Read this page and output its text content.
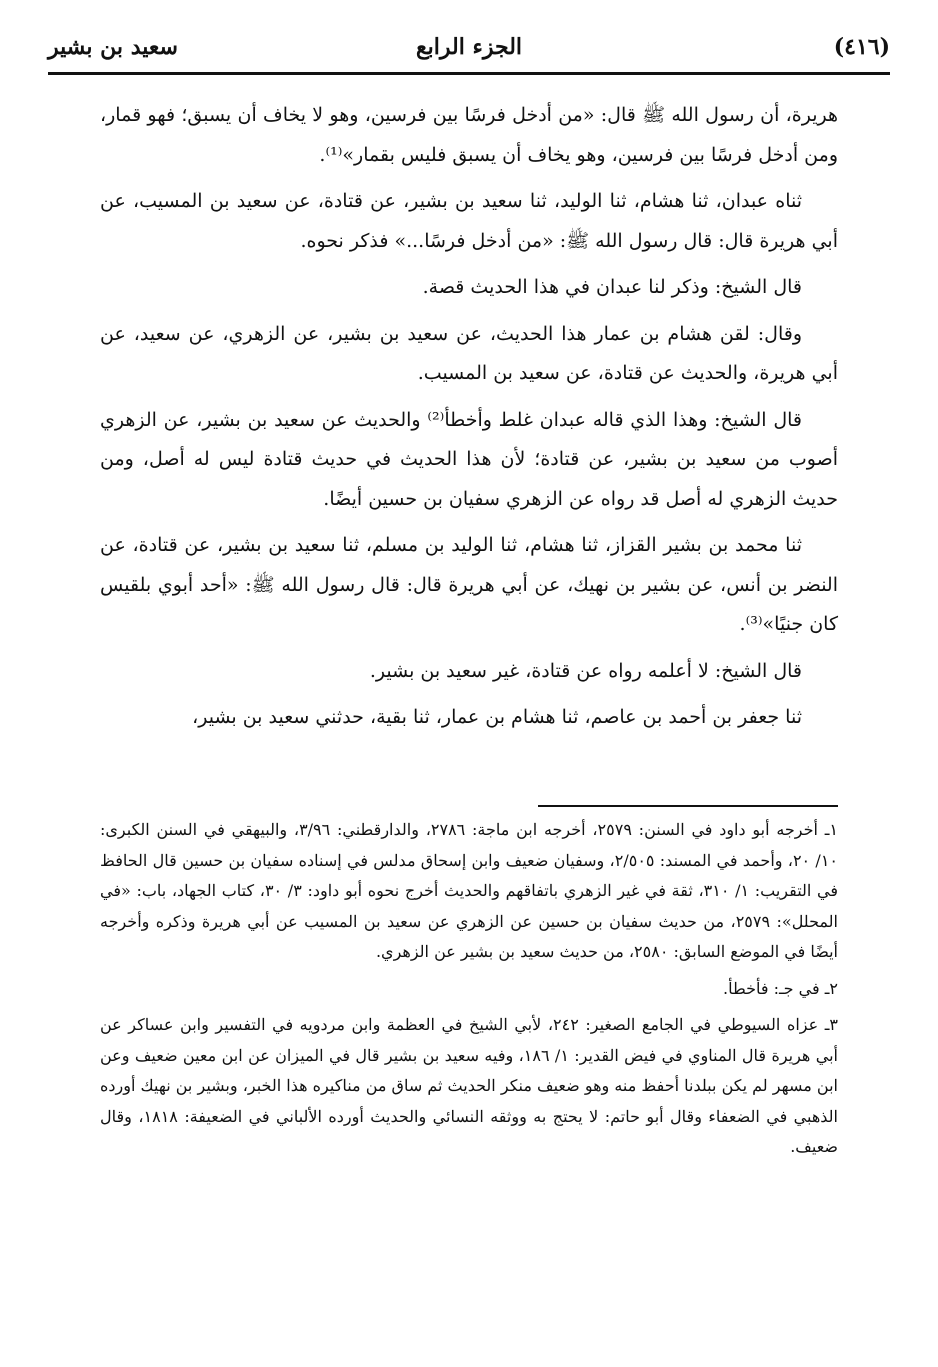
(٤١٦)
الجزء الرابع
سعيد بن بشير

هريرة، أن رسول الله ﷺ قال: «من أدخل فرسًا بين فرسين، وهو لا يخاف أن يسبق؛ فهو قمار، ومن أدخل فرسًا بين فرسين، وهو يخاف أن يسبق فليس بقمار»⁽¹⁾.

ثناه عبدان، ثنا هشام، ثنا الوليد، ثنا سعيد بن بشير، عن قتادة، عن سعيد بن المسيب، عن أبي هريرة قال: قال رسول الله ﷺ: «من أدخل فرسًا...» فذكر نحوه.

قال الشيخ: وذكر لنا عبدان في هذا الحديث قصة.

وقال: لقن هشام بن عمار هذا الحديث، عن سعيد بن بشير، عن الزهري، عن سعيد، عن أبي هريرة، والحديث عن قتادة، عن سعيد بن المسيب.

قال الشيخ: وهذا الذي قاله عبدان غلط وأخطأ⁽²⁾ والحديث عن سعيد بن بشير، عن الزهري أصوب من سعيد بن بشير، عن قتادة؛ لأن هذا الحديث في حديث قتادة ليس له أصل، ومن حديث الزهري له أصل قد رواه عن الزهري سفيان بن حسين أيضًا.

ثنا محمد بن بشير القزاز، ثنا هشام، ثنا الوليد بن مسلم، ثنا سعيد بن بشير، عن قتادة، عن النضر بن أنس، عن بشير بن نهيك، عن أبي هريرة قال: قال رسول الله ﷺ: «أحد أبوي بلقيس كان جنيًا»⁽³⁾.

قال الشيخ: لا أعلمه رواه عن قتادة، غير سعيد بن بشير.

ثنا جعفر بن أحمد بن عاصم، ثنا هشام بن عمار، ثنا بقية، حدثني سعيد بن بشير،

١ـ أخرجه أبو داود في السنن: ٢٥٧٩، أخرجه ابن ماجة: ٢٧٨٦، والدارقطني: ٣/٩٦، والبيهقي في السنن الكبرى: ١٠/ ٢٠، وأحمد في المسند: ٢/٥٠٥، وسفيان ضعيف وابن إسحاق مدلس في إسناده سفيان بن حسين قال الحافظ في التقريب: ١/ ٣١٠، ثقة في غير الزهري باتفاقهم والحديث أخرج نحوه أبو داود: ٣/ ٣٠، كتاب الجهاد، باب: «في المحلل»: ٢٥٧٩، من حديث سفيان بن حسين عن الزهري عن سعيد بن المسيب عن أبي هريرة وذكره وأخرجه أيضًا في الموضع السابق: ٢٥٨٠، من حديث سعيد بن بشير عن الزهري.

٢ـ في جـ: فأخطأ.

٣ـ عزاه السيوطي في الجامع الصغير: ٢٤٢، لأبي الشيخ في العظمة وابن مردويه في التفسير وابن عساكر عن أبي هريرة قال المناوي في فيض القدير: ١/ ١٨٦، وفيه سعيد بن بشير قال في الميزان عن ابن معين ضعيف وعن ابن مسهر لم يكن ببلدنا أحفظ منه وهو ضعيف منكر الحديث ثم ساق من مناكيره هذا الخبر، وبشير بن نهيك أورده الذهبي في الضعفاء وقال أبو حاتم: لا يحتج به ووثقه النسائي والحديث أورده الألباني في الضعيفة: ١٨١٨، وقال ضعيف.
